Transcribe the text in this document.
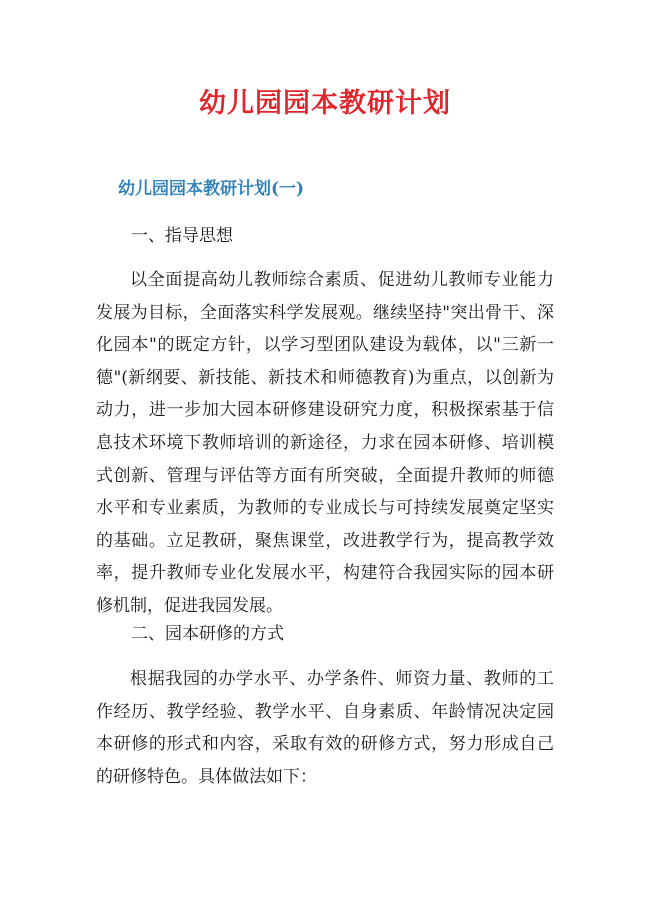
幼儿园园本教研计划
幼儿园园本教研计划(一)
一、指导思想
以全面提高幼儿教师综合素质、促进幼儿教师专业能力发展为目标，全面落实科学发展观。继续坚持"突出骨干、深化园本"的既定方针，以学习型团队建设为载体，以"三新一德"(新纲要、新技能、新技术和师德教育)为重点，以创新为动力，进一步加大园本研修建设研究力度，积极探索基于信息技术环境下教师培训的新途径，力求在园本研修、培训模式创新、管理与评估等方面有所突破，全面提升教师的师德水平和专业素质，为教师的专业成长与可持续发展奠定坚实的基础。立足教研，聚焦课堂，改进教学行为，提高教学效率，提升教师专业化发展水平，构建符合我园实际的园本研修机制，促进我园发展。
二、园本研修的方式
根据我园的办学水平、办学条件、师资力量、教师的工作经历、教学经验、教学水平、自身素质、年龄情况决定园本研修的形式和内容，采取有效的研修方式，努力形成自己的研修特色。具体做法如下：
